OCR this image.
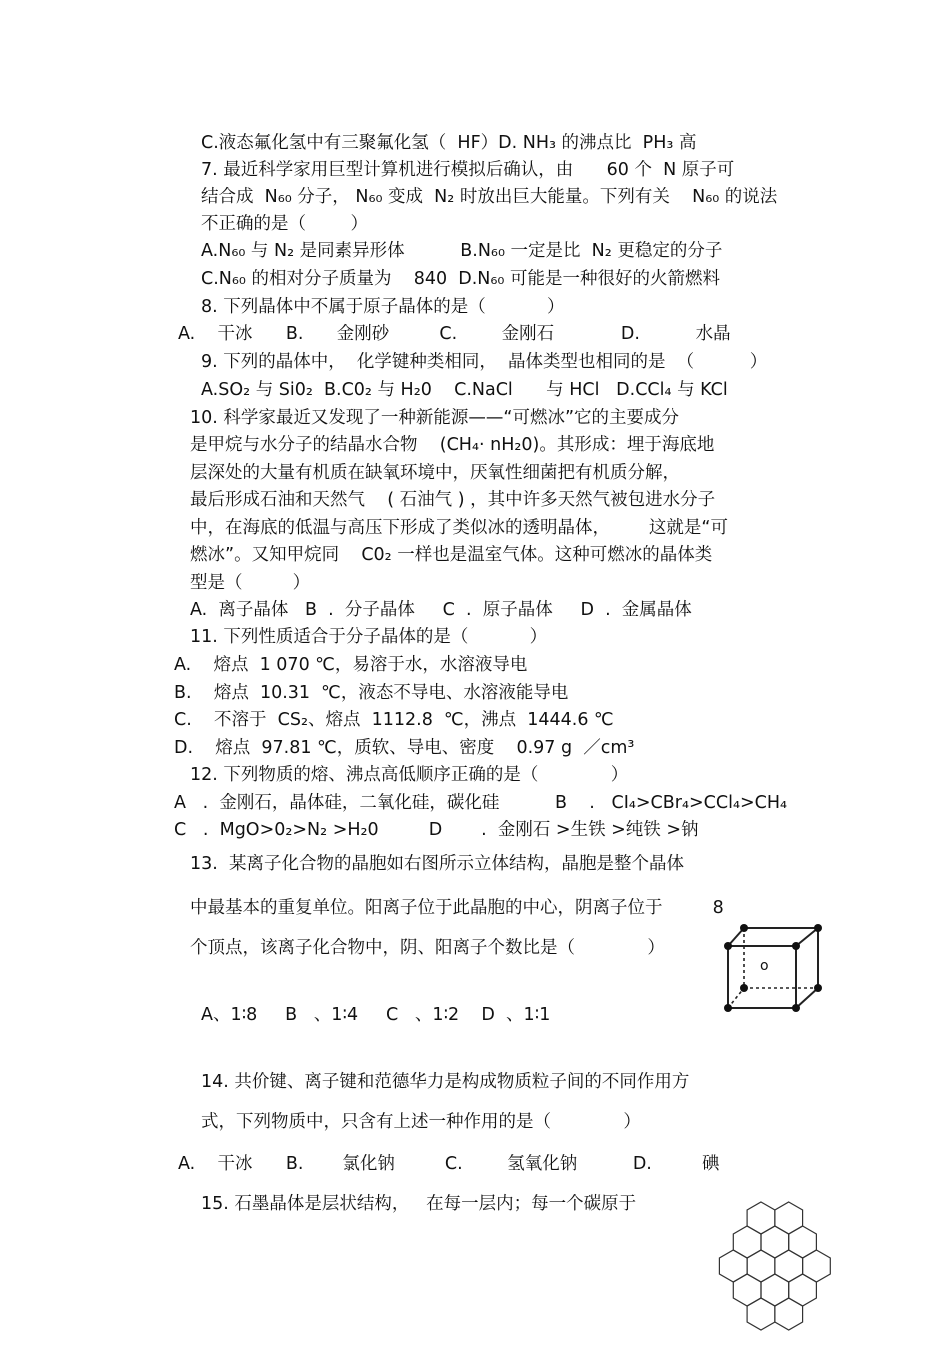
C.液态氟化氢中有三聚氟化氢（  HF）D. NH₃ 的沸点比  PH₃ 高

7. 最近科学家用巨型计算机进行模拟后确认，由      60 个  N 原子可

结合成  N₆₀ 分子， N₆₀ 变成  N₂ 时放出巨大能量。下列有关    N₆₀ 的说法

不正确的是（        ）

A.N₆₀ 与 N₂ 是同素异形体          B.N₆₀ 一定是比  N₂ 更稳定的分子

C.N₆₀ 的相对分子质量为    840  D.N₆₀ 可能是一种很好的火箭燃料

8. 下列晶体中不属于原子晶体的是（           ）

A.    干冰      B.      金刚砂         C.        金刚石            D.          水晶

9. 下列的晶体中，  化学键种类相同，  晶体类型也相同的是  （          ）

A.SO₂ 与 Si0₂  B.C0₂ 与 H₂0    C.NaCl      与 HCl   D.CCl₄ 与 KCl

10. 科学家最近又发现了一种新能源——“可燃冰”它的主要成分

是甲烷与水分子的结晶水合物    (CH₄· nH₂0)。其形成：埋于海底地

层深处的大量有机质在缺氧环境中，厌氧性细菌把有机质分解，

最后形成石油和天然气    ( 石油气 ) ，其中许多天然气被包进水分子

中，在海底的低温与高压下形成了类似冰的透明晶体，       这就是“可

燃冰”。又知甲烷同    C0₂ 一样也是温室气体。这种可燃冰的晶体类

型是（         ）

A.  离子晶体   B  .  分子晶体     C  .  原子晶体     D  .  金属晶体

11. 下列性质适合于分子晶体的是（           ）

A.    熔点  1 070 ℃，易溶于水，水溶液导电

B.    熔点  10.31  ℃，液态不导电、水溶液能导电

C.    不溶于  CS₂、熔点  1112.8  ℃，沸点  1444.6 ℃

D.    熔点  97.81 ℃，质软、导电、密度    0.97 g  ／cm³

12. 下列物质的熔、沸点高低顺序正确的是（             ）

A   .  金刚石，晶体硅，二氧化硅，碳化硅          B    .   CI₄>CBr₄>CCl₄>CH₄

C   .  MgO>0₂>N₂ >H₂0         D       .  金刚石 >生铁 >纯铁 >钠

13.  某离子化合物的晶胞如右图所示立体结构，晶胞是整个晶体

中最基本的重复单位。阳离子位于此晶胞的中心，阴离子位于         8

个顶点，该离子化合物中，阴、阳离子个数比是（             ）

A、1∶8     B   、1∶4     C   、1∶2    D  、1∶1

14. 共价键、离子键和范德华力是构成物质粒子间的不同作用方

式，下列物质中，只含有上述一种作用的是（             ）

A.    干冰      B.       氯化钠         C.        氢氧化钠          D.         碘

15. 石墨晶体是层状结构，   在每一层内；每一个碳原于

o
